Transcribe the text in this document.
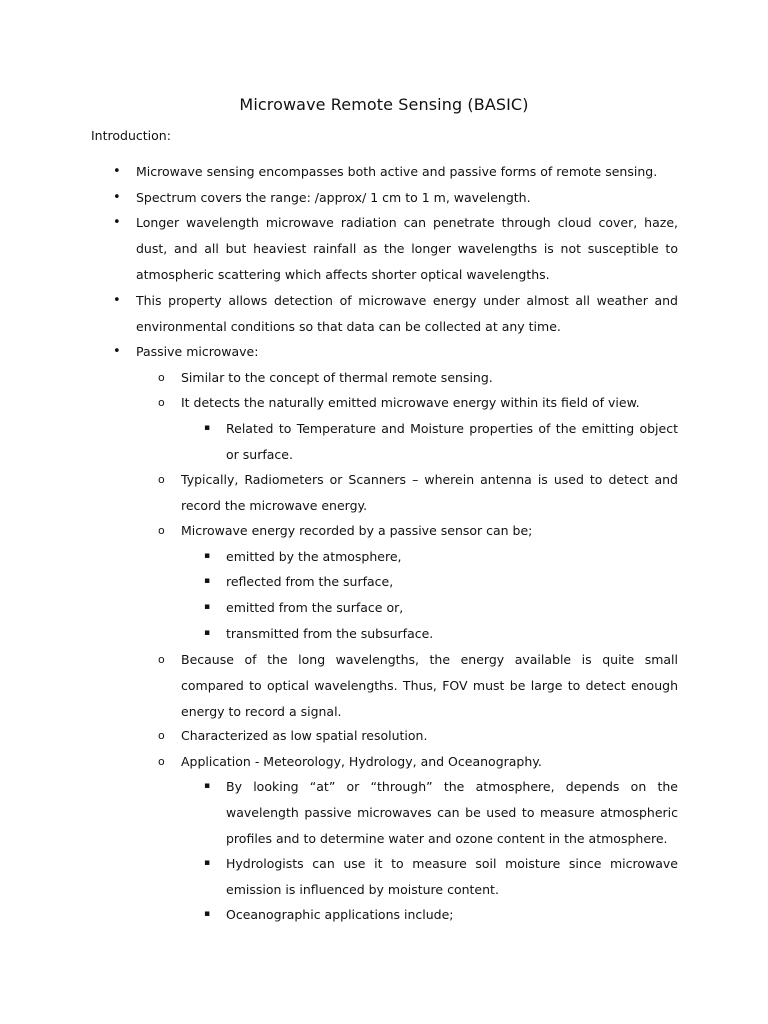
Microwave Remote Sensing (BASIC)
Introduction:
• Microwave sensing encompasses both active and passive forms of remote sensing.
• Spectrum covers the range: /approx/ 1 cm to 1 m, wavelength.
• Longer wavelength microwave radiation can penetrate through cloud cover, haze, dust, and all but heaviest rainfall as the longer wavelengths is not susceptible to atmospheric scattering which affects shorter optical wavelengths.
• This property allows detection of microwave energy under almost all weather and environmental conditions so that data can be collected at any time.
• Passive microwave:
o Similar to the concept of thermal remote sensing.
o It detects the naturally emitted microwave energy within its field of view.
▪ Related to Temperature and Moisture properties of the emitting object or surface.
o Typically, Radiometers or Scanners – wherein antenna is used to detect and record the microwave energy.
o Microwave energy recorded by a passive sensor can be;
▪ emitted by the atmosphere,
▪ reflected from the surface,
▪ emitted from the surface or,
▪ transmitted from the subsurface.
o Because of the long wavelengths, the energy available is quite small compared to optical wavelengths. Thus, FOV must be large to detect enough energy to record a signal.
o Characterized as low spatial resolution.
o Application - Meteorology, Hydrology, and Oceanography.
▪ By looking “at” or “through” the atmosphere, depends on the wavelength passive microwaves can be used to measure atmospheric profiles and to determine water and ozone content in the atmosphere.
▪ Hydrologists can use it to measure soil moisture since microwave emission is influenced by moisture content.
▪ Oceanographic applications include;
